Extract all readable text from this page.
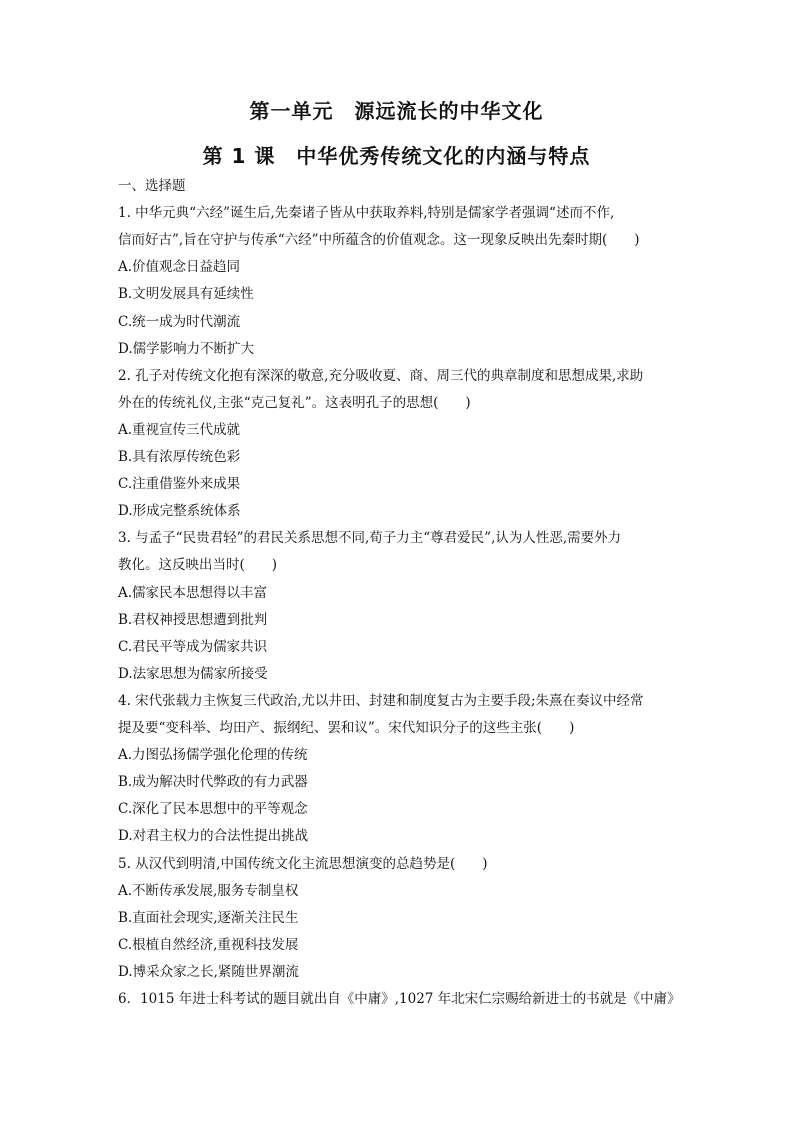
第一单元　源远流长的中华文化
第 1 课　中华优秀传统文化的内涵与特点
一、选择题
1. 中华元典“六经”诞生后,先秦诸子皆从中获取养料,特别是儒家学者强调“述而不作,
信而好古”,旨在守护与传承“六经”中所蕴含的价值观念。这一现象反映出先秦时期(　　)
A.价值观念日益趋同
B.文明发展具有延续性
C.统一成为时代潮流
D.儒学影响力不断扩大
2. 孔子对传统文化抱有深深的敬意,充分吸收夏、商、周三代的典章制度和思想成果,求助
外在的传统礼仪,主张“克己复礼”。这表明孔子的思想(　　)
A.重视宣传三代成就
B.具有浓厚传统色彩
C.注重借鉴外来成果
D.形成完整系统体系
3. 与孟子“民贵君轻”的君民关系思想不同,荀子力主“尊君爱民”,认为人性恶,需要外力
教化。这反映出当时(　　)
A.儒家民本思想得以丰富
B.君权神授思想遭到批判
C.君民平等成为儒家共识
D.法家思想为儒家所接受
4. 宋代张载力主恢复三代政治,尤以井田、封建和制度复古为主要手段;朱熹在奏议中经常
提及要“变科举、均田产、振纲纪、罢和议”。宋代知识分子的这些主张(　　)
A.力图弘扬儒学强化伦理的传统
B.成为解决时代弊政的有力武器
C.深化了民本思想中的平等观念
D.对君主权力的合法性提出挑战
5. 从汉代到明清,中国传统文化主流思想演变的总趋势是(　　)
A.不断传承发展,服务专制皇权
B.直面社会现实,逐渐关注民生
C.根植自然经济,重视科技发展
D.博采众家之长,紧随世界潮流
6．1015 年进士科考试的题目就出自《中庸》,1027 年北宋仁宗赐给新进士的书就是《中庸》
